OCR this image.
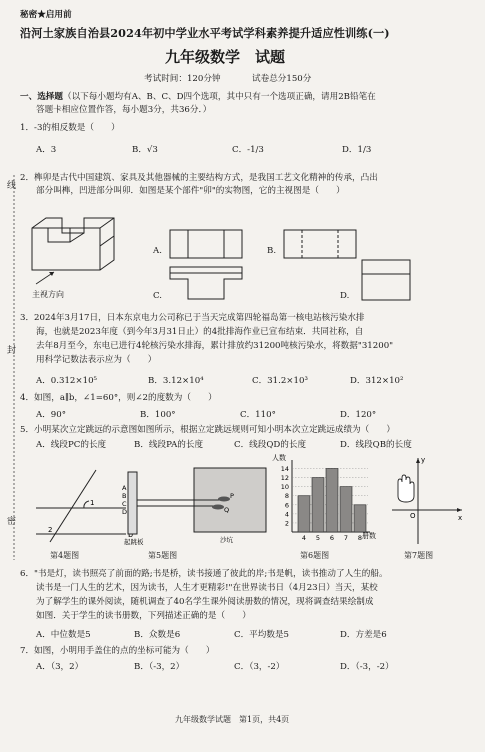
线
封
密
秘密★启用前
沿河土家族自治县2024年初中学业水平考试学科素养提升适应性训练(一)
九年级数学　试题
考试时间：120分钟	试卷总分150分
一、选择题（以下每小题均有A、B、C、D四个选项，其中只有一个选项正确，请用2B铅笔在
答题卡相应位置作答，每小题3分，共36分．）
1．-3的相反数是（　　）
A．3	B．√3	C．-1/3	D．1/3
2．榫卯是古代中国建筑、家具及其他器械的主要结构方式，是我国工艺文化精神的传承，凸出
部分叫榫，凹进部分叫卯．如图是某个部件"卯"的实物图，它的主视图是（　　）
主视方向
A.	B.
C.	D.
3．2024年3月17日，日本东京电力公司称已于当天完成第四轮福岛第一核电站核污染水排
海，也就是2023年度（到今年3月31日止）的4批排海作业已宣布结束．共同社称，自
去年8月至今，东电已进行4轮核污染水排海，累计排放约31200吨核污染水，将数据"31200"
用科学记数法表示应为（　　）
A．0.312×10⁵	B．3.12×10⁴	C．31.2×10³	D．312×10²
4．如图，a∥b，∠1=60°，则∠2的度数为（　　）
A．90°	B．100°	C．110°	D．120°
5．小明某次立定跳远的示意图如图所示，根据立定跳远规则可知小明本次立定跳远成绩为（　　）
A．线段PC的长度	B．线段PA的长度	C．线段QD的长度	D．线段QB的长度
1
2
第4题图
A
B
C
D
P
Q
起跳板	沙坑
第5题图
人数
册数
2
4
6
8
10
12
14
4 5 6 7 8
第6题图
y
x
O
第7题图
6．"书是灯，读书照亮了前面的路;书是桥，读书接通了彼此的岸;书是帆，读书推动了人生的船。
读书是一门人生的艺术，因为读书，人生才更精彩!"在世界读书日（4月23日）当天，某校
为了解学生的课外阅读，随机调查了40名学生课外阅读册数的情况，现将调查结果绘制成
如图．关于学生的读书册数，下列描述正确的是（　　）
A．中位数是5	B．众数是6	C．平均数是5	D．方差是6
7．如图，小明用手盖住的点的坐标可能为（　　）
A．（3，2）	B．（-3，2）	C．（3，-2）	D．（-3，-2）
九年级数学试题　第1页，共4页
